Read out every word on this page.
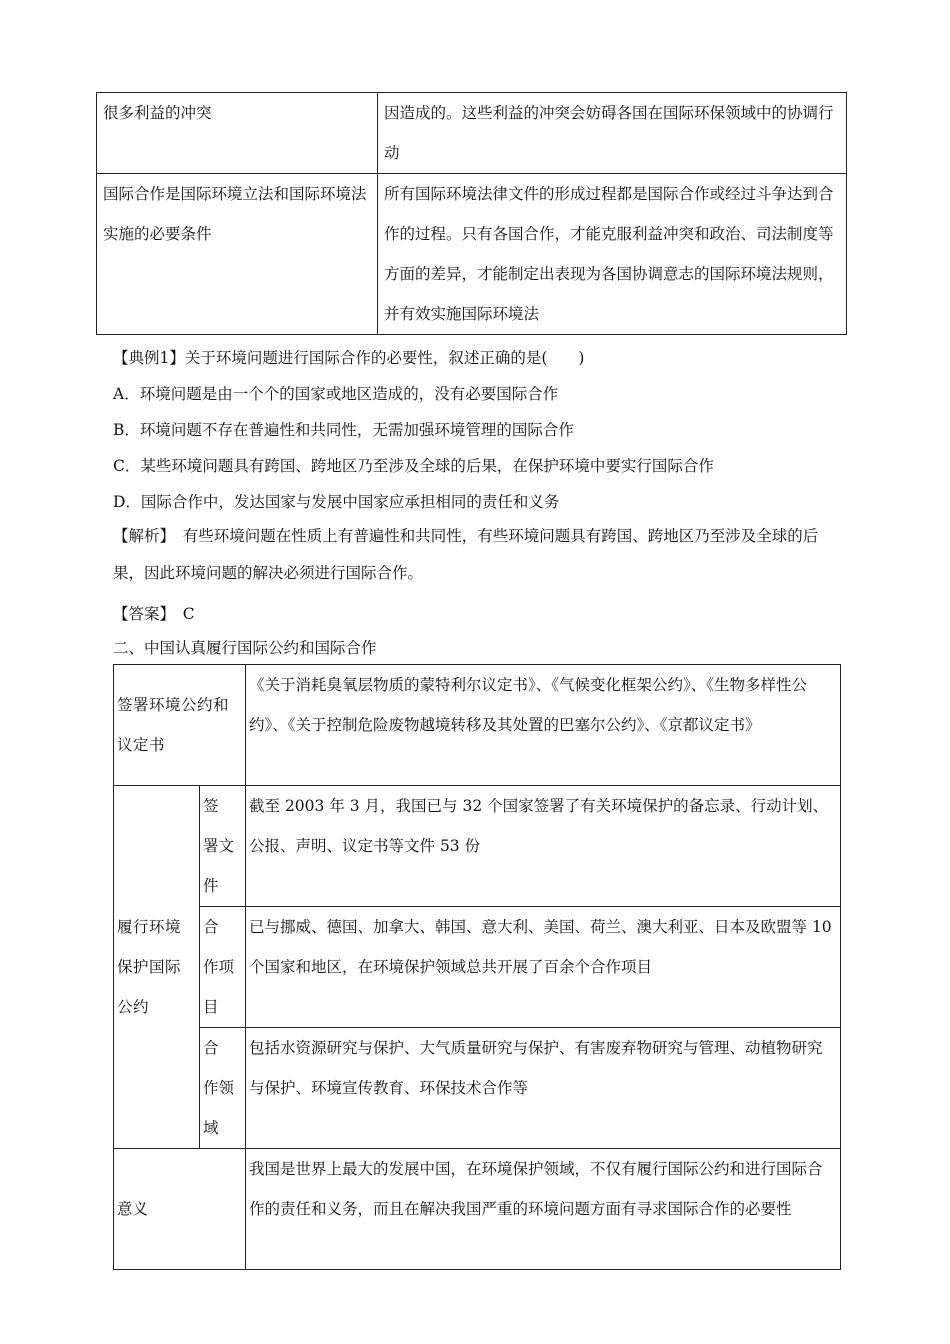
很多利益的冲突	因造成的。这些利益的冲突会妨碍各国在国际环保领域中的协调行动
国际合作是国际环境立法和国际环境法实施的必要条件	所有国际环境法律文件的形成过程都是国际合作或经过斗争达到合作的过程。只有各国合作，才能克服利益冲突和政治、司法制度等方面的差异，才能制定出表现为各国协调意志的国际环境法规则，并有效实施国际环境法
【典例1】关于环境问题进行国际合作的必要性，叙述正确的是(　　)
A．环境问题是由一个个的国家或地区造成的，没有必要国际合作
B．环境问题不存在普遍性和共同性，无需加强环境管理的国际合作
C．某些环境问题具有跨国、跨地区乃至涉及全球的后果，在保护环境中要实行国际合作
D．国际合作中，发达国家与发展中国家应承担相同的责任和义务
【解析】　有些环境问题在性质上有普遍性和共同性，有些环境问题具有跨国、跨地区乃至涉及全球的后果，因此环境问题的解决必须进行国际合作。
【答案】　C
二、中国认真履行国际公约和国际合作
签署环境公约和议定书		《关于消耗臭氧层物质的蒙特利尔议定书》、《气候变化框架公约》、《生物多样性公约》、《关于控制危险废物越境转移及其处置的巴塞尔公约》、《京都议定书》
履行环境保护国际公约	签　署文件	截至 2003 年 3 月，我国已与 32 个国家签署了有关环境保护的备忘录、行动计划、公报、声明、议定书等文件 53 份
	合　作项目	已与挪威、德国、加拿大、韩国、意大利、美国、荷兰、澳大利亚、日本及欧盟等 10 个国家和地区，在环境保护领域总共开展了百余个合作项目
	合　作领域	包括水资源研究与保护、大气质量研究与保护、有害废弃物研究与管理、动植物研究与保护、环境宣传教育、环保技术合作等
意义		我国是世界上最大的发展中国，在环境保护领域，不仅有履行国际公约和进行国际合作的责任和义务，而且在解决我国严重的环境问题方面有寻求国际合作的必要性
